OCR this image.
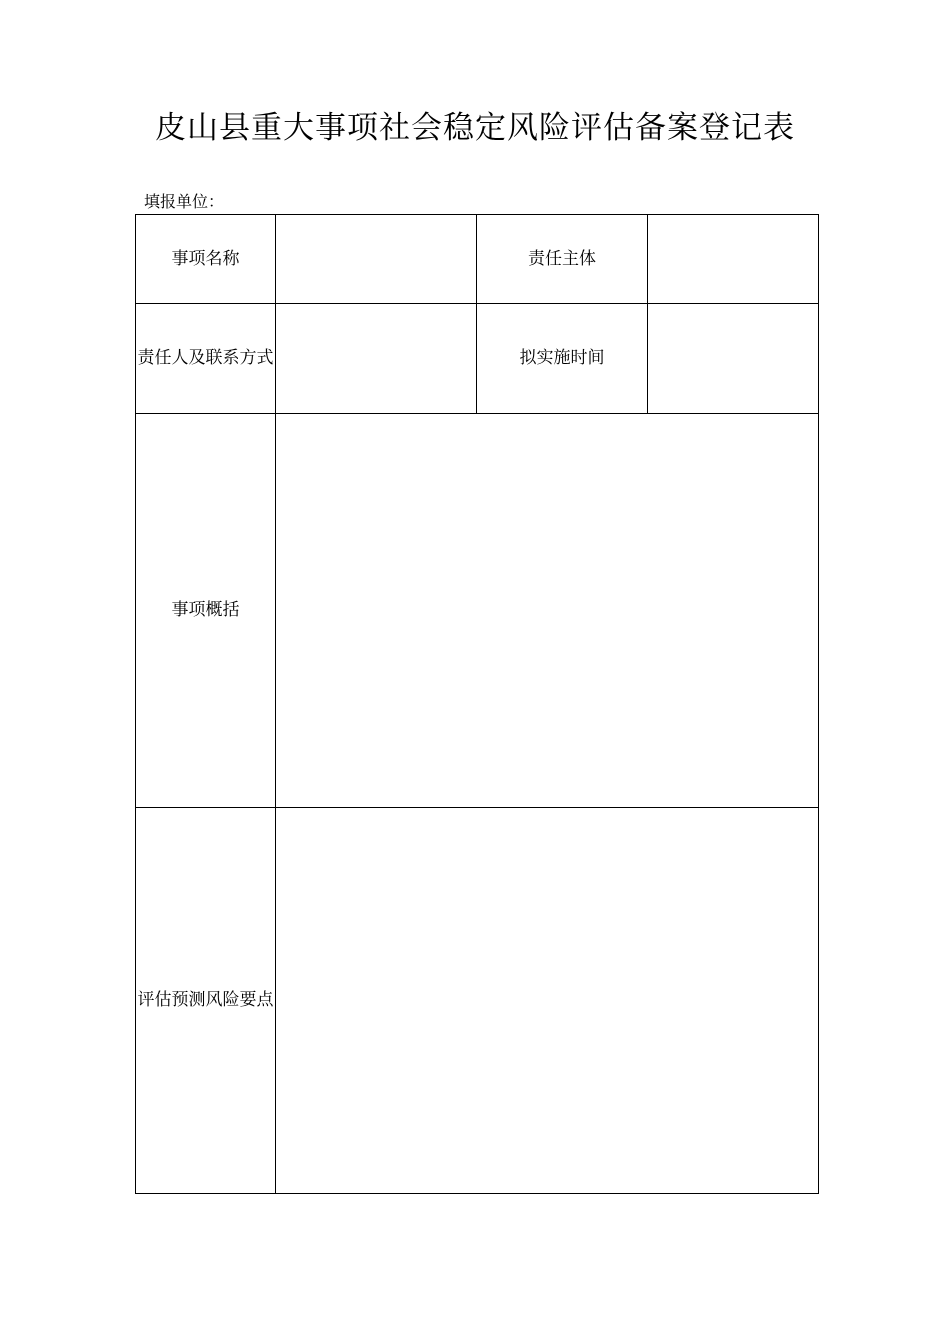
皮山县重大事项社会稳定风险评估备案登记表
填报单位：
事项名称		责任主体	
责任人及联系方式		拟实施时间	
事项概括			
评估预测风险要点			
